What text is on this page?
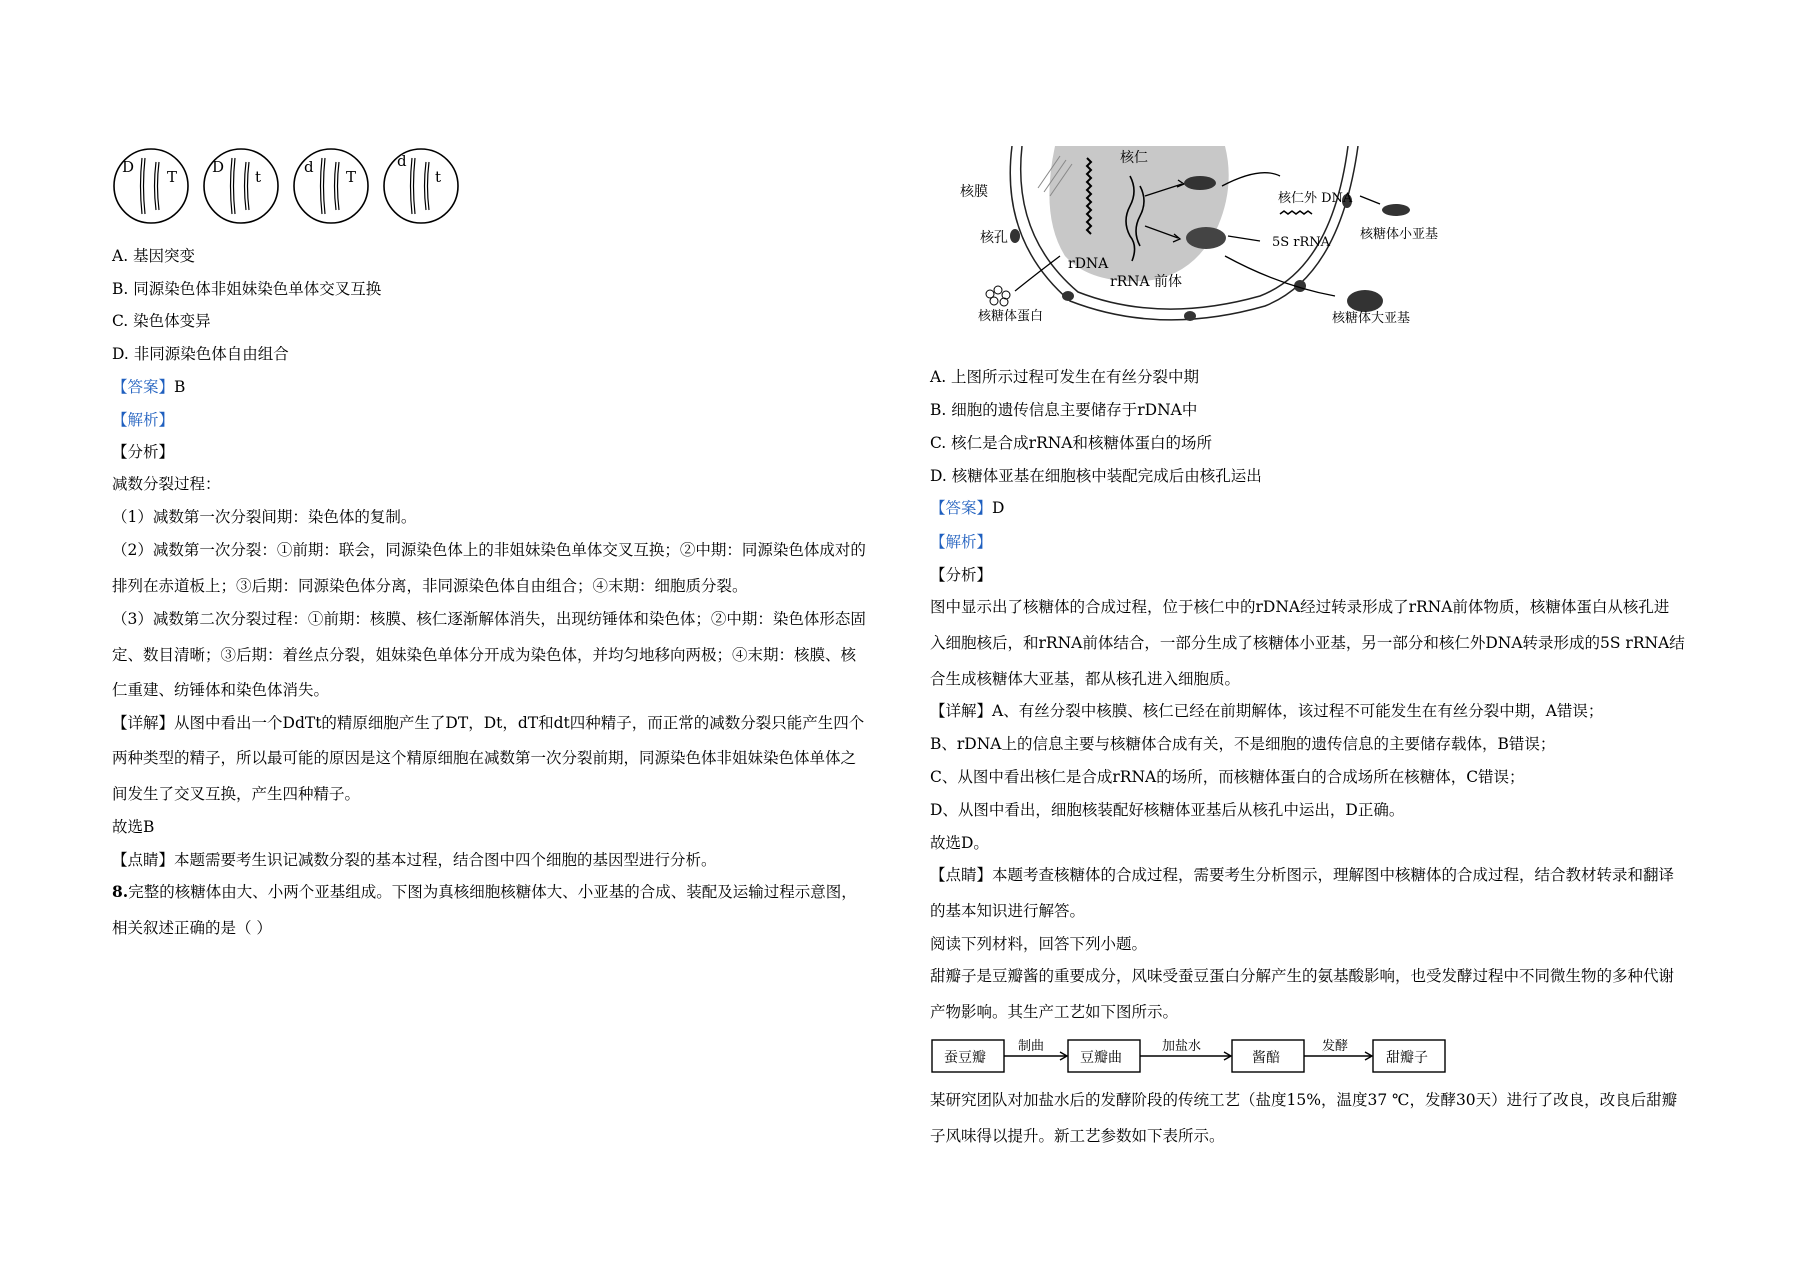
D
T
D
t
d
T
d
t
A. 基因突变
B. 同源染色体非姐妹染色单体交叉互换
C. 染色体变异
D. 非同源染色体自由组合
【答案】B
【解析】
【分析】
减数分裂过程：
（1）减数第一次分裂间期：染色体的复制。
（2）减数第一次分裂：①前期：联会，同源染色体上的非姐妹染色单体交叉互换；②中期：同源染色体成对的
排列在赤道板上；③后期：同源染色体分离，非同源染色体自由组合；④末期：细胞质分裂。
（3）减数第二次分裂过程：①前期：核膜、核仁逐渐解体消失，出现纺锤体和染色体；②中期：染色体形态固
定、数目清晰；③后期：着丝点分裂，姐妹染色单体分开成为染色体，并均匀地移向两极；④末期：核膜、核
仁重建、纺锤体和染色体消失。
【详解】从图中看出一个DdTt的精原细胞产生了DT，Dt，dT和dt四种精子，而正常的减数分裂只能产生四个
两种类型的精子，所以最可能的原因是这个精原细胞在减数第一次分裂前期，同源染色体非姐妹染色体单体之
间发生了交叉互换，产生四种精子。
故选B
【点睛】本题需要考生识记减数分裂的基本过程，结合图中四个细胞的基因型进行分析。
8.完整的核糖体由大、小两个亚基组成。下图为真核细胞核糖体大、小亚基的合成、装配及运输过程示意图，
相关叙述正确的是（ ）
核仁
核膜
核孔
rDNA
rRNA 前体
核糖体蛋白
核仁外 DNA
5S rRNA
核糖体小亚基
核糖体大亚基
A. 上图所示过程可发生在有丝分裂中期
B. 细胞的遗传信息主要储存于rDNA中
C. 核仁是合成rRNA和核糖体蛋白的场所
D. 核糖体亚基在细胞核中装配完成后由核孔运出
【答案】D
【解析】
【分析】
图中显示出了核糖体的合成过程，位于核仁中的rDNA经过转录形成了rRNA前体物质，核糖体蛋白从核孔进
入细胞核后，和rRNA前体结合，一部分生成了核糖体小亚基，另一部分和核仁外DNA转录形成的5S rRNA结
合生成核糖体大亚基，都从核孔进入细胞质。
【详解】A、有丝分裂中核膜、核仁已经在前期解体，该过程不可能发生在有丝分裂中期，A错误；
B、rDNA上的信息主要与核糖体合成有关，不是细胞的遗传信息的主要储存载体，B错误；
C、从图中看出核仁是合成rRNA的场所，而核糖体蛋白的合成场所在核糖体，C错误；
D、从图中看出，细胞核装配好核糖体亚基后从核孔中运出，D正确。
故选D。
【点睛】本题考查核糖体的合成过程，需要考生分析图示，理解图中核糖体的合成过程，结合教材转录和翻译
的基本知识进行解答。
阅读下列材料，回答下列小题。
甜瓣子是豆瓣酱的重要成分，风味受蚕豆蛋白分解产生的氨基酸影响，也受发酵过程中不同微生物的多种代谢
产物影响。其生产工艺如下图所示。
蚕豆瓣	豆瓣曲	酱醅	甜瓣子
制曲	加盐水	发酵
某研究团队对加盐水后的发酵阶段的传统工艺（盐度15%，温度37 ℃，发酵30天）进行了改良，改良后甜瓣
子风味得以提升。新工艺参数如下表所示。
